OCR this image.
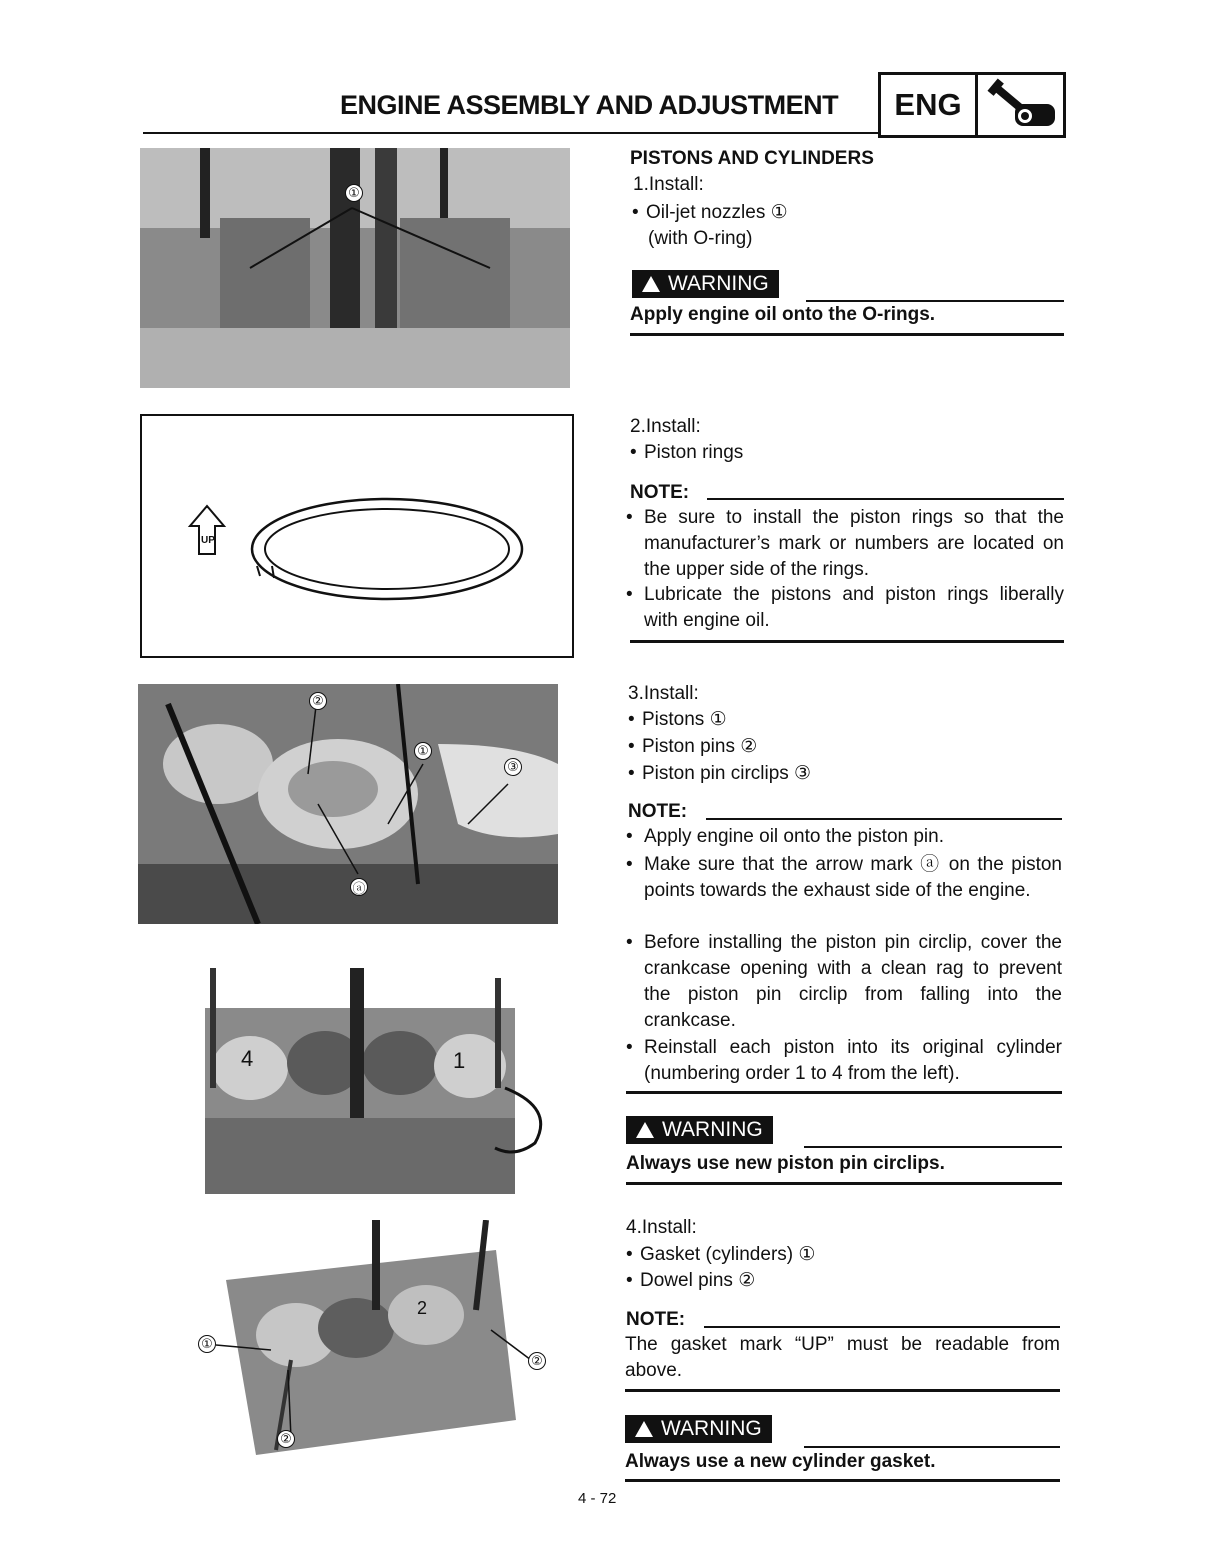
ENGINE ASSEMBLY AND ADJUSTMENT	ENG
①
UP
②
①
③
ⓐ
4	1
①
②
②
2
PISTONS AND CYLINDERS
1.Install:
• Oil-jet nozzles ①
(with O-ring)
WARNING
Apply engine oil onto the O-rings.
2.Install:
• Piston rings
NOTE:
• Be sure to install the piston rings so that the manufacturer’s mark or numbers are located on the upper side of the rings.
• Lubricate the pistons and piston rings liberally with engine oil.
3.Install:
• Pistons ①
• Piston pins ②
• Piston pin circlips ③
NOTE:
• Apply engine oil onto the piston pin.
• Make sure that the arrow mark ⓐ on the piston points towards the exhaust side of the engine.
• Before installing the piston pin circlip, cover the crankcase opening with a clean rag to prevent the piston pin circlip from falling into the crankcase.
• Reinstall each piston into its original cylinder (numbering order 1 to 4 from the left).
WARNING
Always use new piston pin circlips.
4.Install:
• Gasket (cylinders) ①
• Dowel pins ②
NOTE:
The gasket mark “UP” must be readable from above.
WARNING
Always use a new cylinder gasket.
4 - 72
